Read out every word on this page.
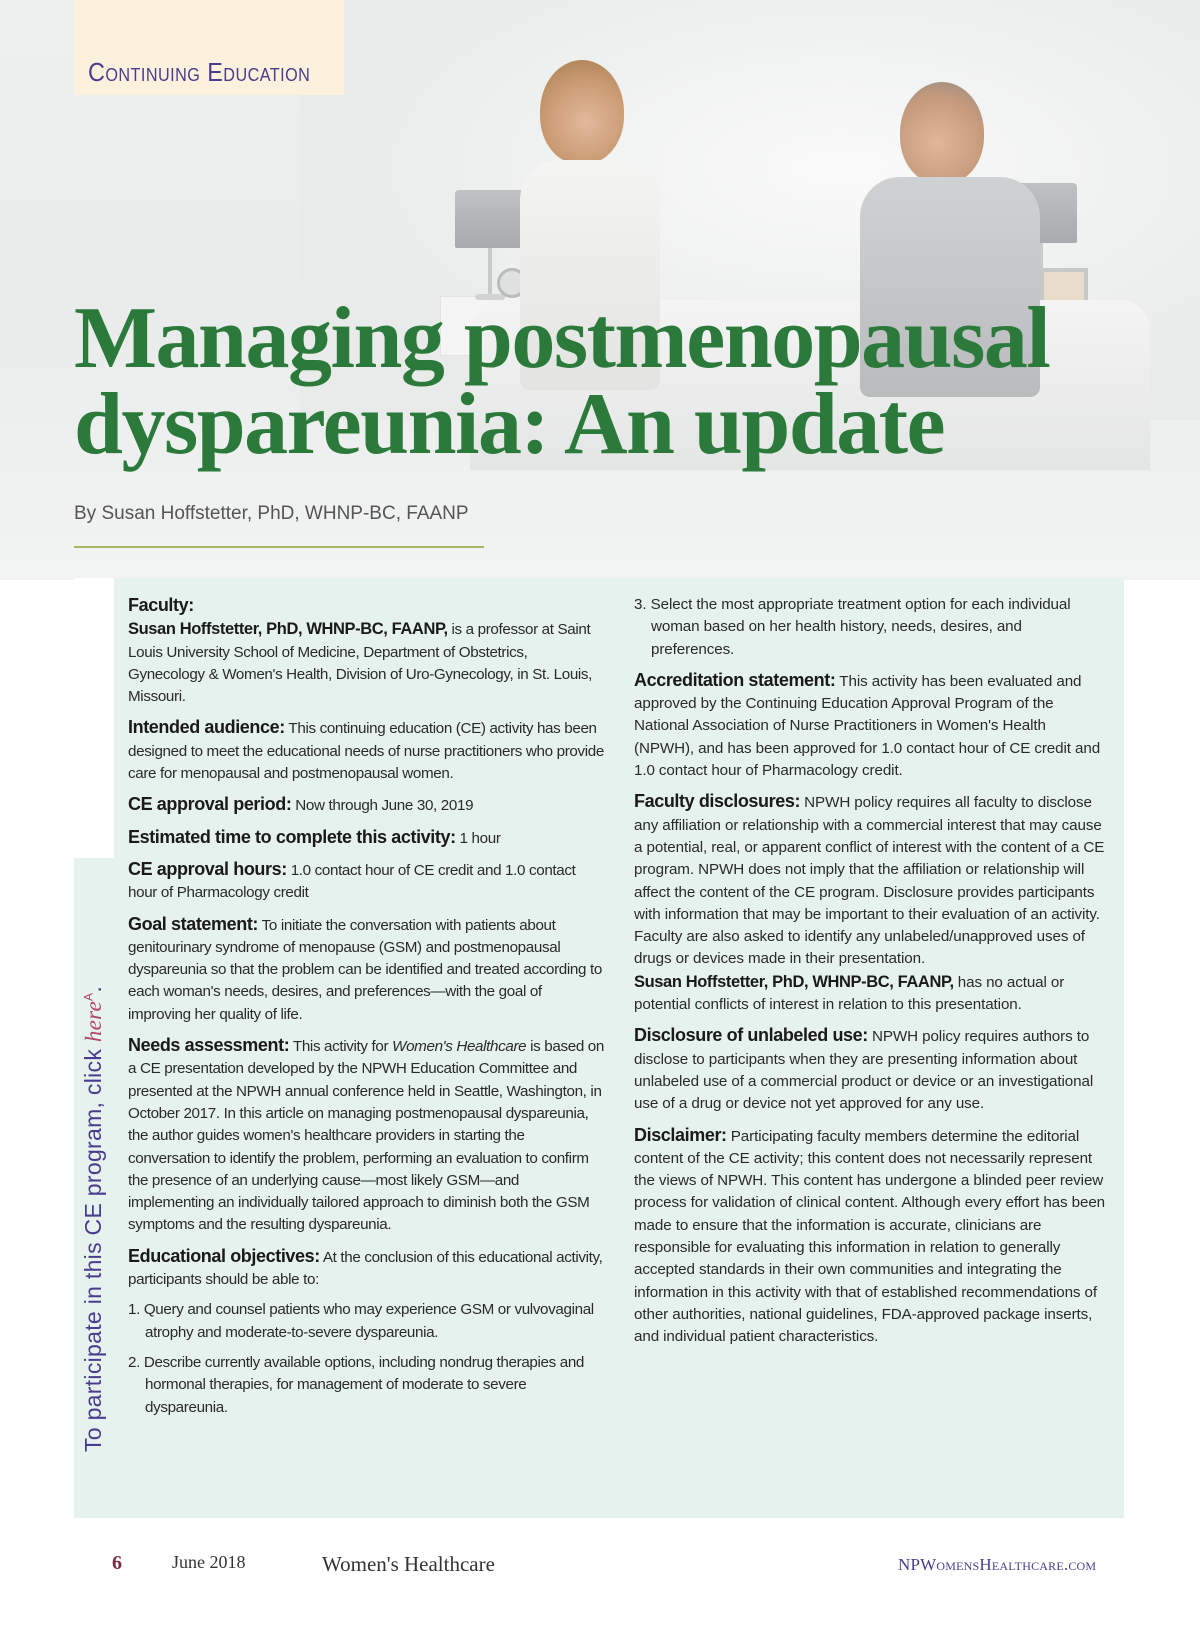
Continuing Education
Managing postmenopausal
dyspareunia: An update
By Susan Hoffstetter, PhD, WHNP-BC, FAANP
To participate in this CE program, click here$^A$.

Faculty:
Susan Hoffstetter, PhD, WHNP-BC, FAANP, is a professor at Saint Louis University School of Medicine, Department of Obstetrics, Gynecology & Women's Health, Division of Uro-Gynecology, in St. Louis, Missouri.

Intended audience: This continuing education (CE) activity has been designed to meet the educational needs of nurse practitioners who provide care for menopausal and postmenopausal women.

CE approval period: Now through June 30, 2019

Estimated time to complete this activity: 1 hour

CE approval hours: 1.0 contact hour of CE credit and 1.0 contact hour of Pharmacology credit

Goal statement: To initiate the conversation with patients about genitourinary syndrome of menopause (GSM) and postmenopausal dyspareunia so that the problem can be identified and treated according to each woman's needs, desires, and preferences—with the goal of improving her quality of life.

Needs assessment: This activity for Women's Healthcare is based on a CE presentation developed by the NPWH Education Committee and presented at the NPWH annual conference held in Seattle, Washington, in October 2017. In this article on managing postmenopausal dyspareunia, the author guides women's healthcare providers in starting the conversation to identify the problem, performing an evaluation to confirm the presence of an underlying cause—most likely GSM—and implementing an individually tailored approach to diminish both the GSM symptoms and the resulting dyspareunia.

Educational objectives: At the conclusion of this educational activity, participants should be able to:

1. Query and counsel patients who may experience GSM or vulvovaginal atrophy and moderate-to-severe dyspareunia.
2. Describe currently available options, including nondrug therapies and hormonal therapies, for management of moderate to severe dyspareunia.
3. Select the most appropriate treatment option for each individual woman based on her health history, needs, desires, and preferences.

Accreditation statement: This activity has been evaluated and approved by the Continuing Education Approval Program of the National Association of Nurse Practitioners in Women's Health (NPWH), and has been approved for 1.0 contact hour of CE credit and 1.0 contact hour of Pharmacology credit.

Faculty disclosures: NPWH policy requires all faculty to disclose any affiliation or relationship with a commercial interest that may cause a potential, real, or apparent conflict of interest with the content of a CE program. NPWH does not imply that the affiliation or relationship will affect the content of the CE program. Disclosure provides participants with information that may be important to their evaluation of an activity. Faculty are also asked to identify any unlabeled/unapproved uses of drugs or devices made in their presentation.

Susan Hoffstetter, PhD, WHNP-BC, FAANP, has no actual or potential conflicts of interest in relation to this presentation.

Disclosure of unlabeled use: NPWH policy requires authors to disclose to participants when they are presenting information about unlabeled use of a commercial product or device or an investigational use of a drug or device not yet approved for any use.

Disclaimer: Participating faculty members determine the editorial content of the CE activity; this content does not necessarily represent the views of NPWH. This content has undergone a blinded peer review process for validation of clinical content. Although every effort has been made to ensure that the information is accurate, clinicians are responsible for evaluating this information in relation to generally accepted standards in their own communities and integrating the information in this activity with that of established recommendations of other authorities, national guidelines, FDA-approved package inserts, and individual patient characteristics.

6	June 2018	Women's Healthcare	NPWomensHealthcare.com
